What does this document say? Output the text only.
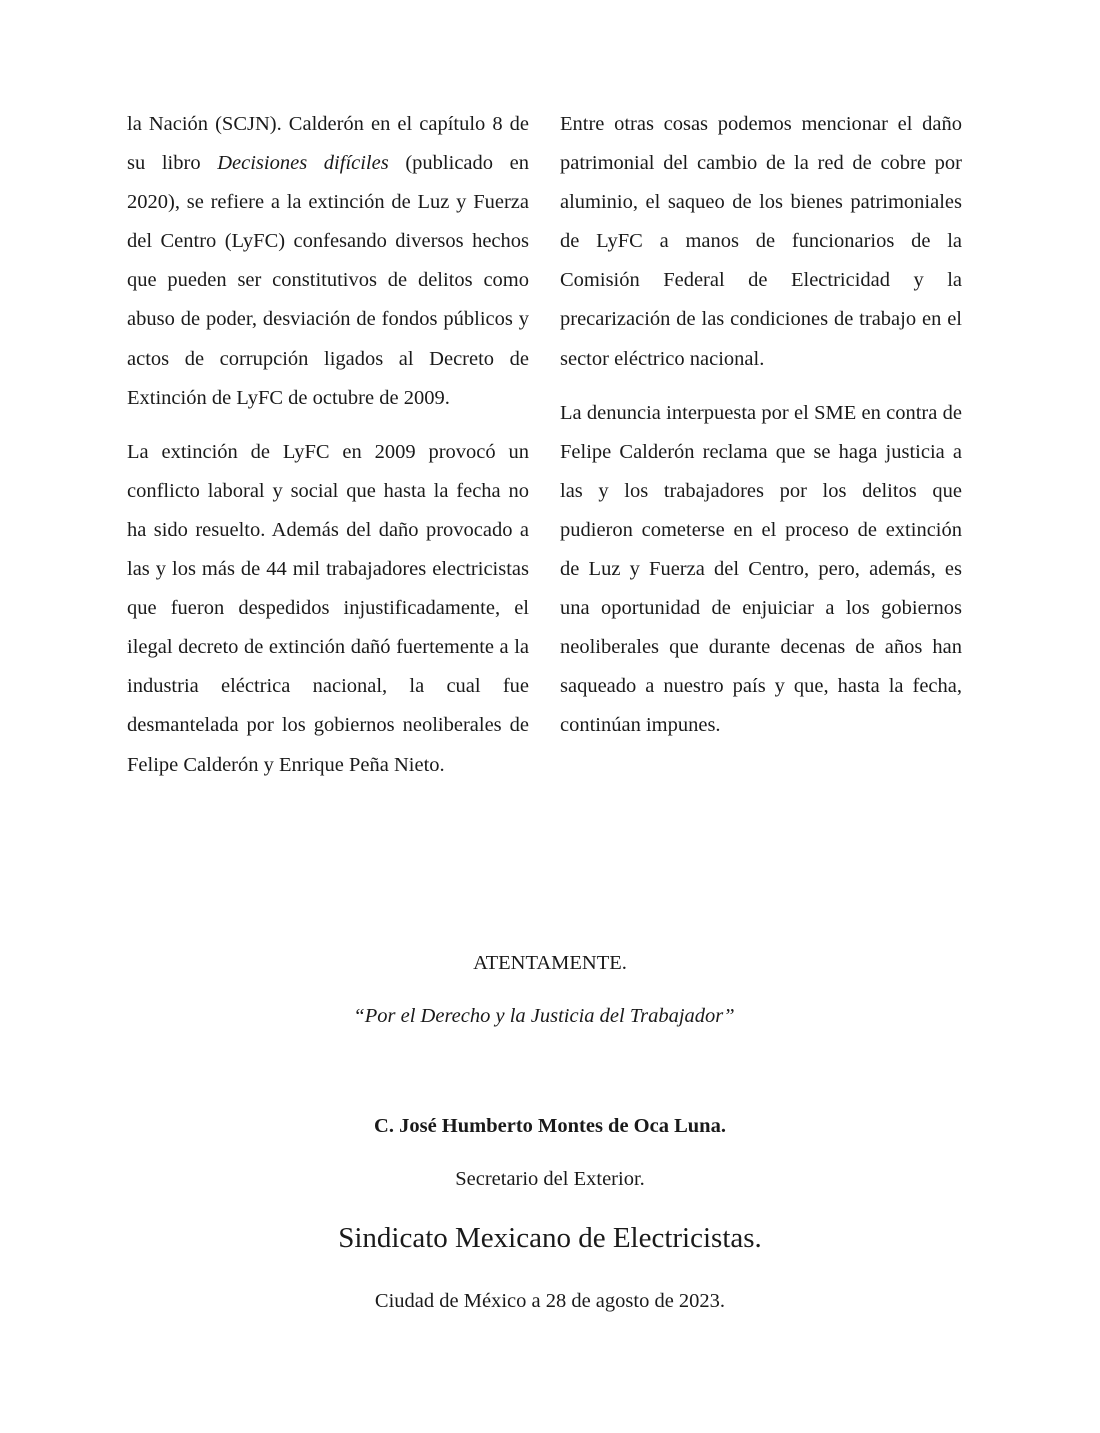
la Nación (SCJN). Calderón en el capítulo 8 de su libro Decisiones difíciles (publicado en 2020), se refiere a la extinción de Luz y Fuerza del Centro (LyFC) confesando diversos hechos que pueden ser constitutivos de delitos como abuso de poder, desviación de fondos públicos y actos de corrupción ligados al Decreto de Extinción de LyFC de octubre de 2009.

La extinción de LyFC en 2009 provocó un conflicto laboral y social que hasta la fecha no ha sido resuelto. Además del daño provocado a las y los más de 44 mil trabajadores electricistas que fueron despedidos injustificadamente, el ilegal decreto de extinción dañó fuertemente a la industria eléctrica nacional, la cual fue desmantelada por los gobiernos neoliberales de Felipe Calderón y Enrique Peña Nieto.

Entre otras cosas podemos mencionar el daño patrimonial del cambio de la red de cobre por aluminio, el saqueo de los bienes patrimoniales de LyFC a manos de funcionarios de la Comisión Federal de Electricidad y la precarización de las condiciones de trabajo en el sector eléctrico nacional.

La denuncia interpuesta por el SME en contra de Felipe Calderón reclama que se haga justicia a las y los trabajadores por los delitos que pudieron cometerse en el proceso de extinción de Luz y Fuerza del Centro, pero, además, es una oportunidad de enjuiciar a los gobiernos neoliberales que durante decenas de años han saqueado a nuestro país y que, hasta la fecha, continúan impunes.

ATENTAMENTE.
“Por el Derecho y la Justicia del Trabajador”
C. José Humberto Montes de Oca Luna.
Secretario del Exterior.
Sindicato Mexicano de Electricistas.
Ciudad de México a 28 de agosto de 2023.
